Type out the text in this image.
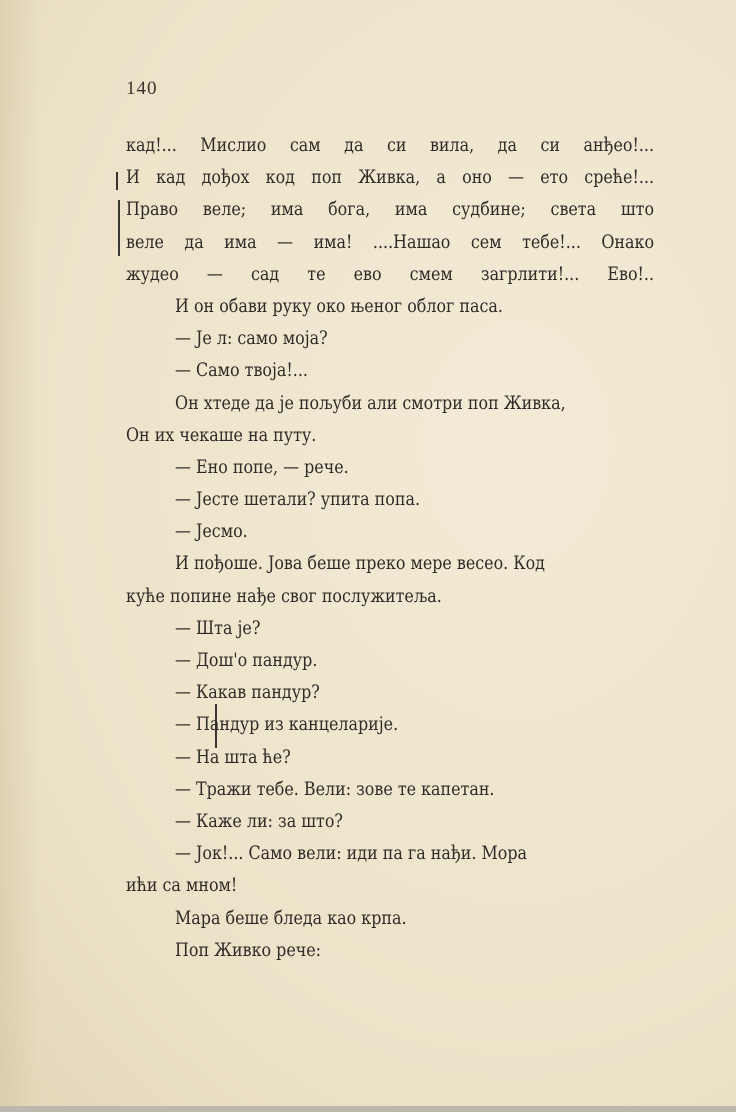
140
кад!... Мислио сам да си вила, да си анђео!...
И кад дођох код поп Живка, а оно — ето среће!...
Право веле; има бога, има судбине; света што
веле да има — има! ....Нашао сем тебе!... Онако
жудео — сад те ево смем загрлити!... Ево!..
И он обави руку око њеног облог паса.
— Је л: само моја?
— Само твоја!...
Он хтеде да је пољуби али смотри поп Живка,
Он их чекаше на путу.
— Ено попе, — рече.
— Јесте шетали? упита попа.
— Јесмо.
И пођоше. Јова беше преко мере весео. Код
куће попине нађе свог послужитеља.
— Шта је?
— Дош'о пандур.
— Какав пандур?
— Пандур из канцеларије.
— На шта ће?
— Тражи тебе. Вели: зове те капетан.
— Каже ли: за што?
— Јок!... Само вели: иди па га нађи. Мора
ићи са мном!
Мара беше бледа као крпа.
Поп Живко рече:
